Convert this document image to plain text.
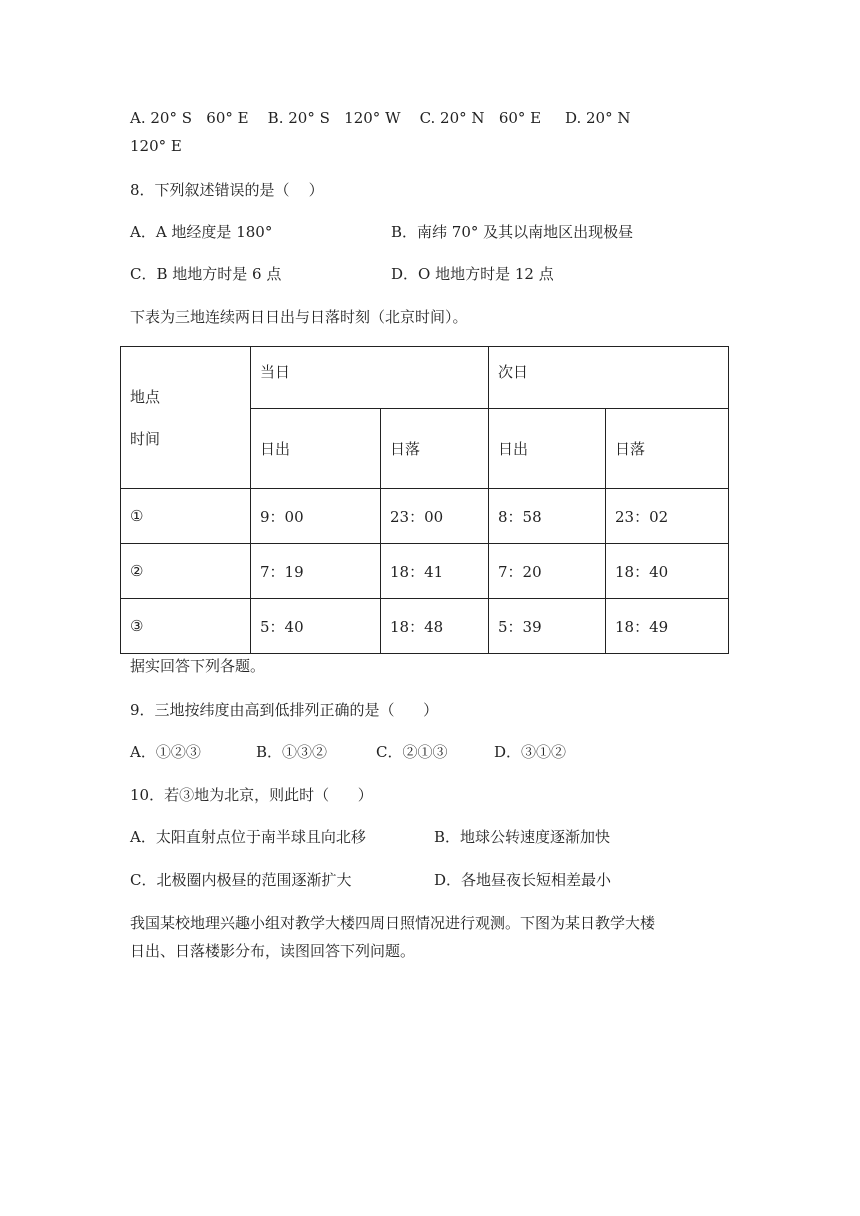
A. 20° S   60° E    B. 20° S   120° W    C. 20° N   60° E     D. 20° N
120° E
8．下列叙述错误的是（    ）
A．A 地经度是 180°	B．南纬 70° 及其以南地区出现极昼
C．B 地地方时是 6 点	D．O 地地方时是 12 点
下表为三地连续两日日出与日落时刻（北京时间）。
地点
时间	当日		次日	
	日出	日落	日出	日落
①	9：00	23：00	8：58	23：02
②	7：19	18：41	7：20	18：40
③	5：40	18：48	5：39	18：49
据实回答下列各题。
9．三地按纬度由高到低排列正确的是（      ）
A．①②③	B．①③②	C．②①③	D．③①②
10．若③地为北京，则此时（      ）
A．太阳直射点位于南半球且向北移	B．地球公转速度逐渐加快
C．北极圈内极昼的范围逐渐扩大	D．各地昼夜长短相差最小
我国某校地理兴趣小组对教学大楼四周日照情况进行观测。下图为某日教学大楼
日出、日落楼影分布，读图回答下列问题。
